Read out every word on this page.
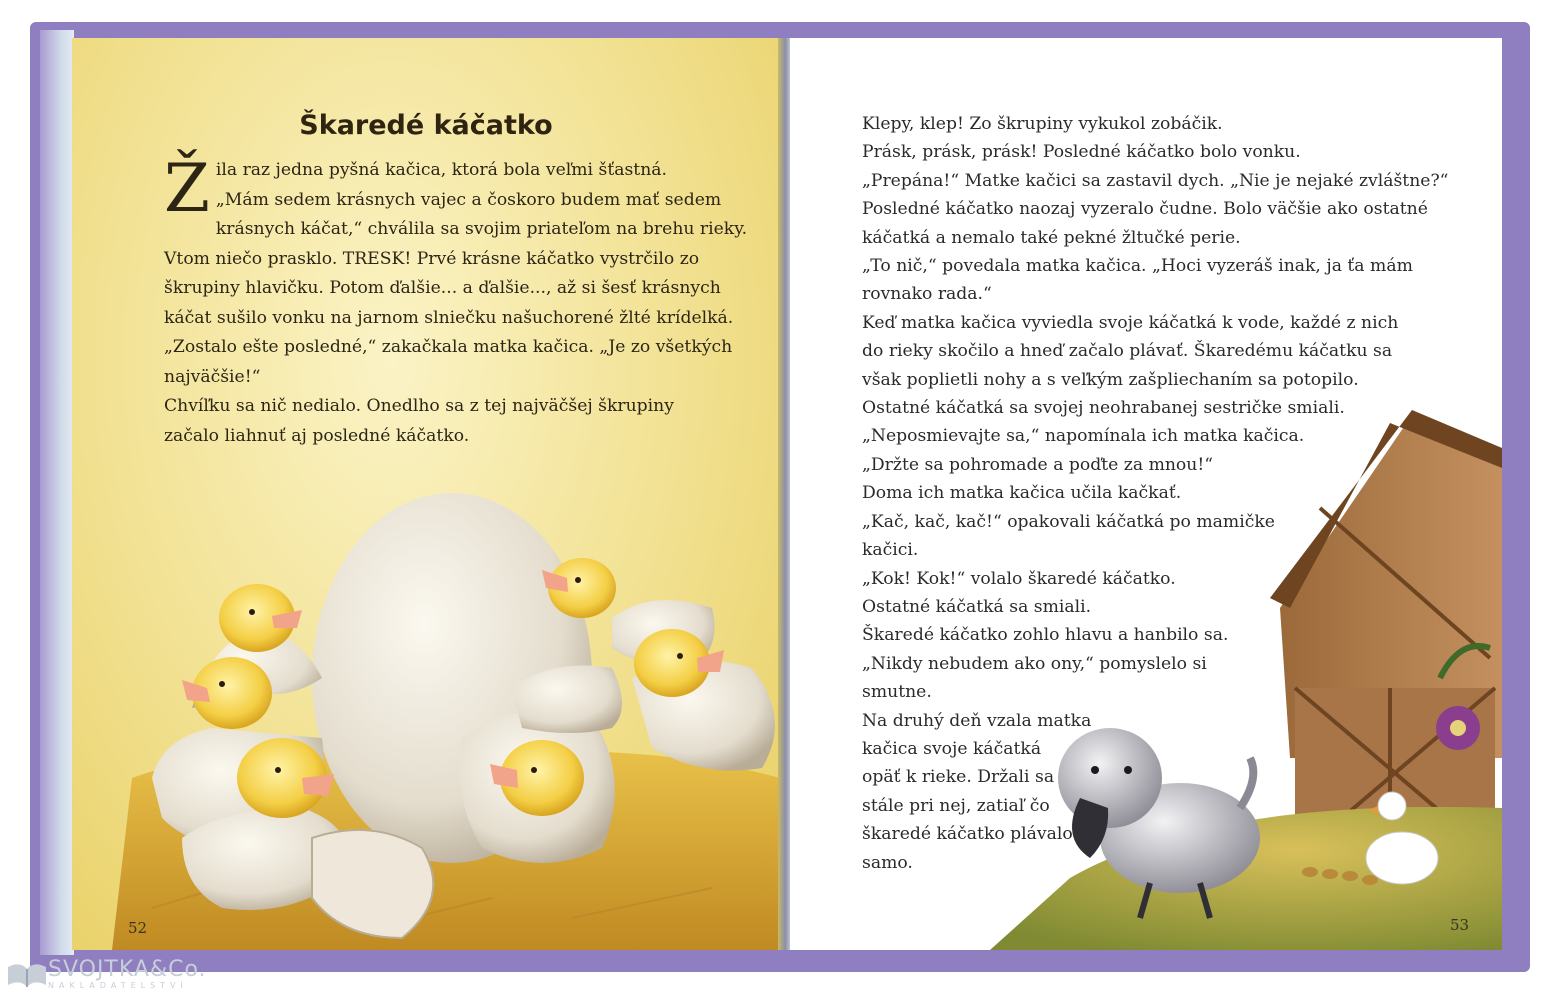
Škaredé káčatko
Ž ila raz jedna pyšná kačica, ktorá bola veľmi šťastná.
„Mám sedem krásnych vajec a čoskoro budem mať sedem
krásnych káčat,“ chválila sa svojim priateľom na brehu rieky.
Vtom niečo prasklo. TRESK! Prvé krásne káčatko vystrčilo zo
škrupiny hlavičku. Potom ďalšie... a ďalšie..., až si šesť krásnych
káčat sušilo vonku na jarnom slniečku našuchorené žlté krídelká.
„Zostalo ešte posledné,“ zakačkala matka kačica. „Je zo všetkých
najväčšie!“
Chvíľku sa nič nedialo. Onedlho sa z tej najväčšej škrupiny
začalo liahnuť aj posledné káčatko.
52	53
Klepy, klep! Zo škrupiny vykukol zobáčik.
Prásk, prásk, prásk! Posledné káčatko bolo vonku.
„Prepána!“ Matke kačici sa zastavil dych. „Nie je nejaké zvláštne?“
Posledné káčatko naozaj vyzeralo čudne. Bolo väčšie ako ostatné
káčatká a nemalo také pekné žltučké perie.
„To nič,“ povedala matka kačica. „Hoci vyzeráš inak, ja ťa mám
rovnako rada.“
Keď matka kačica vyviedla svoje káčatká k vode, každé z nich
do rieky skočilo a hneď začalo plávať. Škaredému káčatku sa
však poplietli nohy a s veľkým zašpliechaním sa potopilo.
Ostatné káčatká sa svojej neohrabanej sestričke smiali.
„Neposmievajte sa,“ napomínala ich matka kačica.
„Držte sa pohromade a poďte za mnou!“
Doma ich matka kačica učila kačkať.
„Kač, kač, kač!“ opakovali káčatká po mamičke
kačici.
„Kok! Kok!“ volalo škaredé káčatko.
Ostatné káčatká sa smiali.
Škaredé káčatko zohlo hlavu a hanbilo sa.
„Nikdy nebudem ako ony,“ pomyslelo si
smutne.
Na druhý deň vzala matka
kačica svoje káčatká
opäť k rieke. Držali sa
stále pri nej, zatiaľ čo
škaredé káčatko plávalo
samo.
SVOJTKA&Co.
NAKLADATELSTVÍ
